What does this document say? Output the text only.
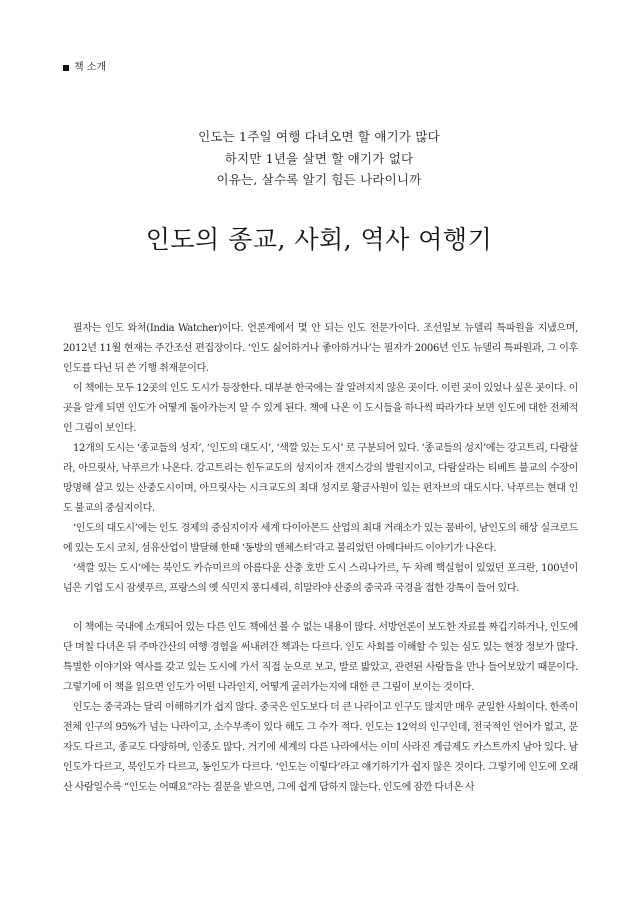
책 소개

인도는 1주일 여행 다녀오면 할 얘기가 많다

하지만 1년을 살면 할 얘기가 없다

이유는, 살수록 알기 힘든 나라이니까

인도의 종교, 사회, 역사 여행기

필자는 인도 와쳐(India Watcher)이다. 언론계에서 몇 안 되는 인도 전문가이다. 조선일보 뉴델리 특파원을 지냈으며, 2012년 11월 현재는 주간조선 편집장이다. ‘인도 싫어하거나 좋아하거나’는 필자가 2006년 인도 뉴델리 특파원과, 그 이후 인도를 다닌 뒤 쓴 기행 취재문이다.

이 책에는 모두 12곳의 인도 도시가 등장한다. 대부분 한국에는 잘 알려지지 않은 곳이다. 이런 곳이 있었나 싶은 곳이다. 이곳을 알게 되면 인도가 어떻게 돌아가는지 알 수 있게 된다. 책에 나온 이 도시들을 하나씩 따라가다 보면 인도에 대한 전체적인 그림이 보인다.

12개의 도시는 ‘종교들의 성지’, ‘인도의 대도시’, ‘색깔 있는 도시’ 로 구분되어 있다. ‘종교들의 성지’에는 강고트리, 다람살라, 아므릿사, 낙푸르가 나온다. 강고트리는 힌두교도의 성지이자 갠지스강의 발원지이고, 다람살라는 티베트 불교의 수장이 망명해 살고 있는 산중도시이며, 아므릿사는 시크교도의 최대 성지로 황금사원이 있는 펀자브의 대도시다. 낙푸르는 현대 인도 불교의 중심지이다.

‘인도의 대도시’에는 인도 경제의 중심지이자 세계 다이아몬드 산업의 최대 거래소가 있는 뭄바이, 남인도의 해상 실크로드에 있는 도시 코치, 섬유산업이 발달해 한때 ‘동방의 맨체스터’라고 불리었던 아메다바드 이야기가 나온다.

‘색깔 있는 도시’에는 북인도 카슈미르의 아름다운 산중 호반 도시 스리나가르, 두 차례 핵실험이 있었던 포크란, 100년이 넘은 기업 도시 잠셋푸르, 프랑스의 옛 식민지 퐁디셰리, 히말라야 산중의 중국과 국경을 접한 강톡이 들어 있다.

이 책에는 국내에 소개되어 있는 다른 인도 책에선 볼 수 없는 내용이 많다. 서방언론이 보도한 자료를 짜깁기하거나, 인도에 단 며칠 다녀온 뒤 주마간산의 여행 경험을 써내려간 책과는 다르다. 인도 사회를 이해할 수 있는 심도 있는 현장 정보가 많다. 특별한 이야기와 역사를 갖고 있는 도시에 가서 직접 눈으로 보고, 발로 밟았고, 관련된 사람들을 만나 들어보았기 때문이다. 그렇기에 이 책을 읽으면 인도가 어떤 나라인지, 어떻게 굴러가는지에 대한 큰 그림이 보이는 것이다.

인도는 중국과는 달리 이해하기가 쉽지 않다. 중국은 인도보다 더 큰 나라이고 인구도 많지만 매우 균일한 사회이다. 한족이 전체 인구의 95%가 넘는 나라이고, 소수부족이 있다 해도 그 수가 적다. 인도는 12억의 인구인데, 전국적인 언어가 없고, 문자도 다르고, 종교도 다양하며, 인종도 많다. 거기에 세계의 다른 나라에서는 이미 사라진 계급제도 카스트까지 남아 있다. 남인도가 다르고, 북인도가 다르고, 동인도가 다르다. ‘인도는 이렇다’라고 얘기하기가 쉽지 않은 것이다. 그렇기에 인도에 오래 산 사람일수록 “인도는 어때요”라는 질문을 받으면, 그에 쉽게 답하지 않는다. 인도에 잠깐 다녀온 사
